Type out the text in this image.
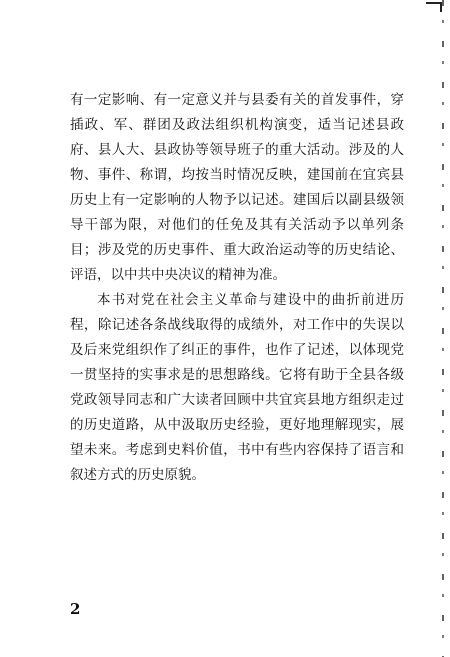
有一定影响、有一定意义并与县委有关的首发事件，穿插政、军、群团及政法组织机构演变，适当记述县政府、县人大、县政协等领导班子的重大活动。涉及的人物、事件、称谓，均按当时情况反映，建国前在宜宾县历史上有一定影响的人物予以记述。建国后以副县级领导干部为限，对他们的任免及其有关活动予以单列条目；涉及党的历史事件、重大政治运动等的历史结论、评语，以中共中央决议的精神为准。

本书对党在社会主义革命与建设中的曲折前进历程，除记述各条战线取得的成绩外，对工作中的失误以及后来党组织作了纠正的事件，也作了记述，以体现党一贯坚持的实事求是的思想路线。它将有助于全县各级党政领导同志和广大读者回顾中共宜宾县地方组织走过的历史道路，从中汲取历史经验，更好地理解现实，展望未来。考虑到史料价值，书中有些内容保持了语言和叙述方式的历史原貌。

2
